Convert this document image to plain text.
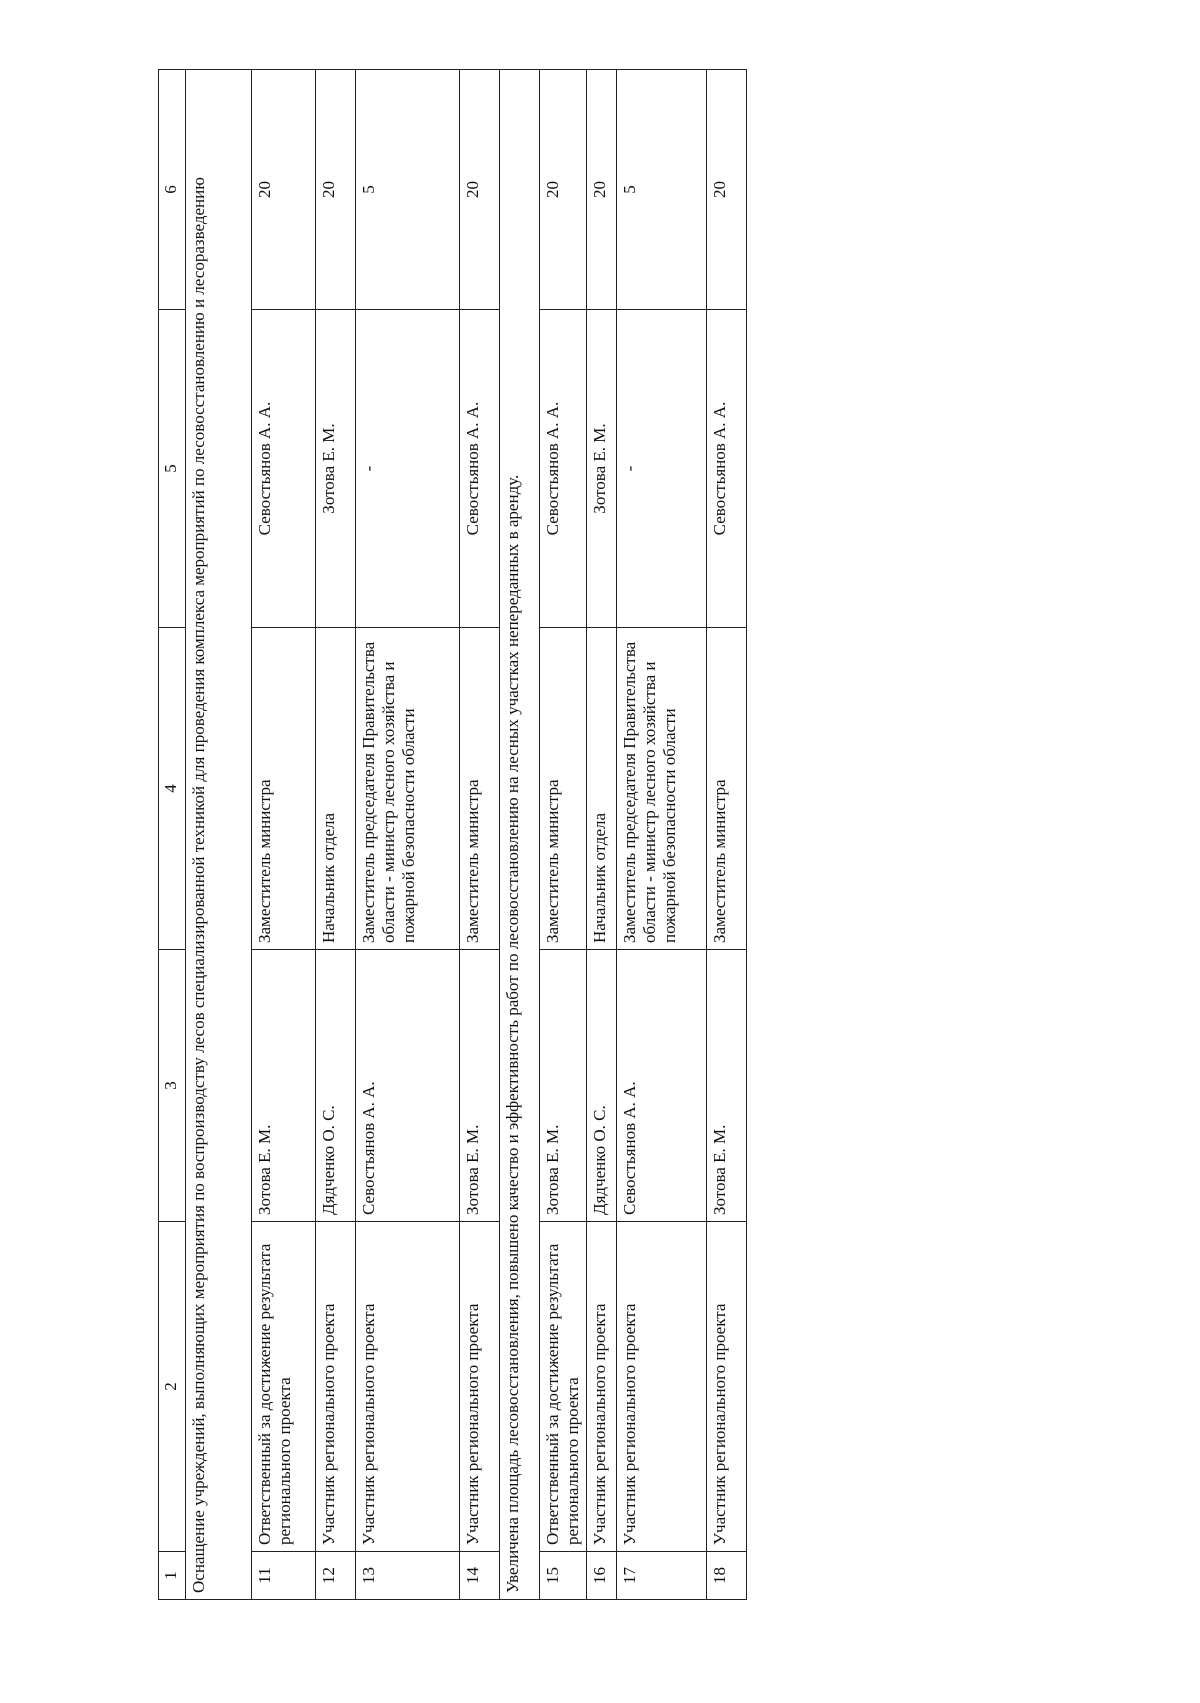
1	2	3	4	5	6
Оснащение учреждений, выполняющих мероприятия по воспроизводству лесов специализированной техникой для проведения комплекса мероприятий по лесовосстановлению и лесоразведению					
11	Ответственный за достижение результата регионального проекта	Зотова Е. М.	Заместитель министра	Севостьянов А. А.	20
12	Участник регионального проекта	Дядченко О. С.	Начальник отдела	Зотова Е. М.	20
13	Участник регионального проекта	Севостьянов А. А.	Заместитель председателя Правительства области - министр лесного хозяйства и пожарной безопасности области	-	5
14	Участник регионального проекта	Зотова Е. М.	Заместитель министра	Севостьянов А. А.	20
Увеличена площадь лесовосстановления, повышено качество и эффективность работ по лесовосстановлению на лесных участках непереданных в аренду.					
15	Ответственный за достижение результата регионального проекта	Зотова Е. М.	Заместитель министра	Севостьянов А. А.	20
16	Участник регионального проекта	Дядченко О. С.	Начальник отдела	Зотова Е. М.	20
17	Участник регионального проекта	Севостьянов А. А.	Заместитель председателя Правительства области - министр лесного хозяйства и пожарной безопасности области	-	5
18	Участник регионального проекта	Зотова Е. М.	Заместитель министра	Севостьянов А. А.	20
